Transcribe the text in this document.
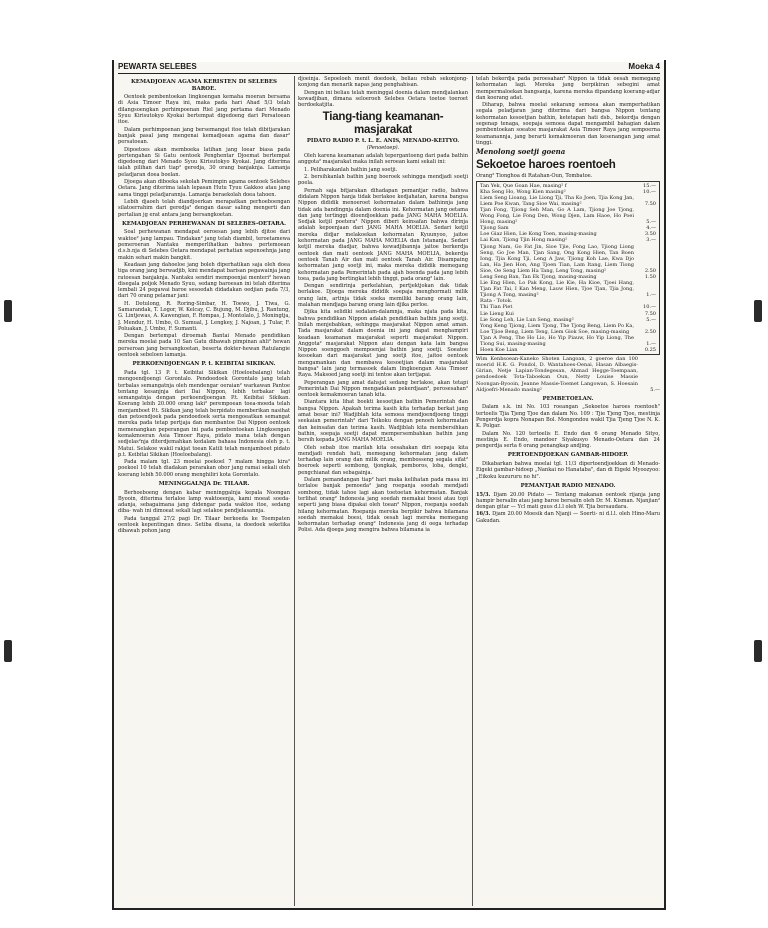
PEWARTA SELEBES	Moeka 4
KEMADJOEAN AGAMA KERISTEN DI SELEBES BAROE.

Oentoek pembentoekan lingkoengan kemaha moeran bersama di Asia Timoer Raya ini, maka pada hari Ahad 5/3 telah dilangsoengkan perhimpoenan Riel jang pertama dari Menado Syuu Kirisutokyo Kyokai bertempat digedoeng dari Persatoean itoe.

Dalam perhimpoenan jang bersemangat itoe telah dibitjarakan banjak pasal jang mengenai kemadjoean agama dan dasar² persatoean.

Dipoetoes akan memboeka latihan jang loear biasa pada pertengahan Si Gatu oentoek Penghentar Djoemat bertempat digedoeng dari Menado Syuu Kirisutokyo Kyokai. Jang diterima ialah pilihan dari tiap² geredja, 30 orang banjaknja. Lamanja peladjaran doea boelan.

Djoega akan diboeka sekolah Pemimpin agama oentoek Selebes Oetara. Jang diterima ialah lepasan Hutu Tyuu Gakkoo atau jang sama tinggi peladjarannja. Lamanja beraekolah doea tahoen.

Lebih djaoeh telah diandjoerkan merapatkan perhoeboengan silatoerrahim dari geredja² dengan dasar saling mengerti dan pertalian jg erat antara jang bersangkoetan.

KEMADJOEAN PERHEWANAN DI SELEBES-OETARA.

Soal perhewanan mendapat oeroesan jang lebih djitoe dari waktoe² jang lampau. Tindakan² jang telah diambil, teroetamewa pemeroeran Nantaku memperlihatkan bahwa pertemoean d.s.b.nja di Selebes Oetara mendapat perhatian sepenoehnja jang makin sehari makin bangkit.

Keadaan jang dahoeloe jang boleh diperhatikan saja oleh doea tiga orang jang berwadjib, kini mendapat barisan pegawainja jang ratoesan banjaknja. Nantaku sendiri mempoenjai menteri² hewan disegala poljok Menado Syuu, sedang baroesan ini telah diterima lembali 24 pegawai baroe sesoedah didadakan oedjian pada 7/3, dari 70 orang pelamar jani:

H. Dotulong, R. Roring-Simbar, H. Toewo, J. Tiwa, G. Samarandak, T. Logor, W. Kelcay, C. Bujung, M. Djibu, J. Rantung, G. Lintjewas, A. Kawengian, F. Rompas, J. Montolalo, J. Moningtja, J. Mendur, H. Umbo, O. Sumual, J. Lengkey, J. Najoan, J. Tular, F. Poluakan, J. Umbo, F. Sumanti.

Dengan bertempat diroemah Bantai Menado pendidikan mereka moelai pada 10 San Gatu dibawah pimpinan ahli² hewan perseroan jang bersangkoetan, beserta dokter-hewan Ratulangie oentoek sebeloen lamanja.

PERKOENDJOENGAN P. t. KEIBITAI SIKIKAN.

Pada tgl. 13 P. t. Keibitai Sikikan (Hoeloebalang) telah mengoendjoengi Gorontalo. Pendoedoek Gorontalo jang telah terbalas semangatnja oleh mendengar oeraian² warkawan Pantoe tentang kesanjnja dari Dai Nippon, lebih terbakar lagi semangatnja dengan perkoendjoengan P.t. Keibitai Sikikan. Koerang lebih 20.000 orang laki² perempoean toea-moeda telah menjamboet P.t. Sikikan jang telah berpidato memberikan nasihat dan petoendjoek pada pendoedoek serta mengoeatkan semangat mereka pada tetap pertjaja dan membantoe Dai Nippon oentoek memenangkan peperangan ini pada pembentoekan Lingkoengan kemakmoeran Asia Timoer Raya, pidato mana telah dengan sedjelas²nja diterdjemahkan kedalam bahasa Indonesia oleh p. t. Matui. Selakoe wakil rakjat toean Katili telah menjamboet pidato p.t. Keibitai Sikikan (Hoeloebalang).

Pada malam tgl. 23 moelai poekoel 7 malam hingga kira² poekoel 10 telah diadakan perarakan obor jang ramai sekali oleh koerang lebih 50.000 orang menghiliri kota Gorontalo.

MENINGGALNJA Dr. TILAAR.

Berhoeboeng dengan kabar meninggalnja kepala Noongan Byooin, diterima terlaloe lamp waktoeenja, kami moeat soeda-adanja, sebagaimana jang didengar pada waktoe itoe, sedang diba- wah ini dimoeat sekali lagi selakoe pendjelasannja.

Pada tanggal 27/2 pagi Dr. Tilaar berkoeda ke Toempaten oentoek kepentingan dines. Setiba disana, ia doedoek seketika dibawah pohon jang

djoeinja. Sepoeloeh menit doedoek, beliau rebah sekonjong-konjong dan menarik napas jang penghabisan.

Dengan ini beliau telah meninggal doenia dalam mendjalankan kewadjiban, dimana seloeroeh Selebes Oetara toetoe toeroet berdoekatjita.

Tiang-tiang keamanan-masjarakat
PIDATO RADIO P. t. L. E. ANIS, MENADO-KEITYO.
(Penoetoep).

Oleh karena keamanan adalah tepergantoeng dari pada bathin anggota² masjarakat maka inilah seroean kami sekali ini:

1. Peliharakanlah bathin jang soetji.

2. bersihkanlah bathin jang boeroek sehingga mendjadi soetji poela.

Pernah saja bitjarakan dihadapan pemantjar radio, bahwa didalam Nippon hanja tidak berlakoe kedjahatan, karena bangsa Nippon dididik menoeroet kehormatan dalam bathinnja jang tidak ada bandingnja dalam doenia ini. Kehormatan jang oetama dan jang tertinggi dioendjoekkan pada JANG MAHA MOELIA. Sedjak ketjil poetera² Nippon diberi keinsafan bahwa dirinja adalah kepoenjaan dari JANG MAHA MOELIA. Sedari ketjil mereka didjar melakoekan kehormatan Kyuunyoo, jaitoe kehormatan pada JANG MAHA MOELIA dan Istananja. Sedari ketjil mereka diadjar, bahwa kewadjibannja jaitoe berkerdja oentoek dan mati oentoek JANG MAHA MOELIA, bekerdja oentoek Tanah Air dan mati oentoek Tanah Air. Disampaing kehormatan jang soetji ini, maka mereka dididik memegang kehormatan pada Pemerintah pada ajah boenda pada jang lebih toea, pada jang bertingkat lebih tinggi, pada orang² lain.

Dengan sendirinja perkelahian, pertjektjokan dak tidak berlakoe. Djoega mereka dididik soepaja menghormati milik orang lain, artinja tidak soeka memiliki barang orang lain, malahan mendjaga barang orang lain djika perloe.

Djika kita selidiki sedalam-dalamnja, maka njata pada kita, bahwa pendidikan Nippon adalah pendidikan bathin jang soetji. Inilah menjebabkan, sehingga masjarakat Nippon amat aman. Tada masjarakat dalam doenia ini jang dapat menghampiri keadaan keamanan masjarakat seperti masjarakat Nippon. Anggota² masjarakat Nippon atau dengan kata lain bangsa Nippon soenggoeh mempoenjai bathin jang soetji. Soeatoe kesoekan dari masjarakat jang soetji itoe, jaitoe oentoek mengamankan dan membawa kesoetjian dalam masjarakat bangsa² lain jang termasoek dalam lingkoengan Asia Timoer Raya. Maksoed jang soetji ini tentoe akan tertjapai.

Peperangan jang amat dahsjat sedang berlakoe, akan tetapi Pemerintah Dai Nippon mengadakan pekerdjaan², perosesahan² oentoek kemakmoeran tanah kita.

Diantara kita lihat boekti kesoetjian bathin Pemerintah dan bangsa Nippon. Apakah terima kasih kita terhadap berkat jang amat besar ini? Wadjiblah kita semoea mendjoendjoeng tinggi seekaian pemerintah² dari Teikoku dengan penoeh kehormatan dan keinsafan dan terima kasih. Wadjiblah kita membersihkan bathin, soepaja soetji dapat mempersembahkan bathin jang bersih kepada JANG MAHA MOELIA.

Oleh sebab itoe marilah kita oesahakan diri soepaja kita mendjadi rendah hati, memegang kehormatan jang dalam terhadap lain orang dan milik orang, membosseng segala sifat² boeroek seperti sombong, tjongkak, pemboros, loba, dengki, pengchianat dan sebagainja.

Dalam pemandangan tiap² hari maka kelihatan pada masa ini terlaloe banjak pemoeda² jang roepanja soedah mendjadi sombong, tidak tahoe lagi akan toetoetan kehormatan. Banjak terlihat orang² Indonesia jang soedah memakai boesi atau topi seperti jang biasa dipakai oleh toean² Nippon, roepanja soedah hilang kehormatan. Roepanja mereka berpikir bahwa bilamana soedah memakai boesi, tidak oesah lagi mereka memegang kehormatan terhadap orang² Indonesia jang di oega terhadap Polisi. Ada djoega jang mengira bahwa bilamana ia

telah bekerdja pada peroesahan² Nippon ia tidak oesah memegang kehormatan lagi. Mereka jang berpikiran sebegini amat mempermaloekan bangsanja, karena mereka dipandang koerang-adjar dan koerang adat.

Diharap, bahwa moelai sekarang semoea akan memperhatikan segala peladjaran jang diterima dari bangsa Nippon tentang kehormatan kesoetjian bathin, ketetapan hati dsb., bekerdja dengan segenap tenaga, soepaja semoea dapat mengambil bahagian dalam pembentoekan soeatoe masjarakat Asia Timoer Raya jang sempoerna keamanannja, jang berarti kemakmoeran dan kesenangan jang amat tinggi.

Menolong soetji goena
Sekoetoe haroes roentoeh

Orang² Tionghoa di Ratahan-Oun, Tombatoe.

Tan Yek, Que Goan Hae, masing² f	15.—
Kha Seng Ho, Wong Kien masing²	10.—
Liem Seng Lioang, Lie Liong Tji, Tha Ko Joen, Tjia Kong Jan, Liem Poe Kwan, Tang Sioe Wai, masing²	7.50
Tjan Fong, Tjiong Seh Man, Go A Lam, Tjiong Joe Tjong, Wong Fong, Lie Fong Den, Wong Djen, Lam Haoe, Ho Poei Hong, masing²	5.—
Tjiong Sam	4.—
Loe Giaz Hien, Lie Kong Toen, masing-masing	3.50
Lai Kan, Tjiong Tjin Hong masing²	3.—
Tjiong Nam, Go Fat Jin, Sioe Tjie, Fong Lao, Tjiong Liong Seng, Go Joe Man, Tjan Sang, Ong Kong Hien, Tan Boen Iong, Tjia Kong Tji, Leng A Jaw, Tjiong Koh Lae, Kwa Djo Lan, Ha Jien Hon, Ang Tjoen Tian, Lam Itang, Liem Tiong Sioe, Oe Seng Liem Ha Tang, Leng Tong, masing²	2.50
Leng Seng Ban, Tan Ek Tjong, masing-masing	1.50
Lie Eng Hien, Lo Pak Kong, Lie Kie, Ha Kioe, Tjoei Hang, Tjan Fat Tai, I Kan Meng, Lauw Hien, Tjoe Tjan, Tjia Jong, Tjiong A Tong, masing²	1.—
Rata - Totok.	
Thi Tian Piet	10.—
Lie Lieng Kui	7.50
Lie Song Leh, Lie Lun Seng, masing²	5.—
Yong Keng Tjiong, Liem Tjong, The Tjong Beng, Liem Po Ka, Loe Tjioe Beng, Liem Teng, Liem Giok Soe, masing-masing	2.50
Tjan A Peng, The Ho Lio, Ho Yip Piauw, Ho Yip Liong, The Tiong Sui, masing-masing	1.—
Hoen Koe Lian	0.25
Wim Kenbsoean-Kaneko Shoten Langoan, 2 goeroe dan 100 moerid H.K. G. Pondol, D. Wantahoes-Oenai, Hasan Albaegis-Girian, Netje Lapian-Tondegesan, Ahmad Hegge-Toempaan, pendoedoek Tota-Taboekan Oun, Netty Louise Massie Noongan-Byooin, Jeanne Massie-Toemet Langowan, S. Hoesain Aldjoefri-Menado masing²	5.—
PEMBETOELAN.

Dalam s.k. ini No. 103 roeangan „Sekoetoe haroes roentoeh" tertoelis Tjia Tjeng Tjoe dan dalam No. 109 : Tjie Tjeng Tjoe, mestinja Pengerdja kopra Nonapan Bol. Mongondou wakil Tjia Tjeng Tjoe N. K. K. Polgar.

Dalam No. 120 tertoelis E. Endo dan 6 orang Menado Sityo, mestinja E. Endo, mandoer Siyakusyo Menado-Oetara dan 24 pengerdja serta 6 orang penangkap andjing.

PERTOENDJOEKAN GAMBAR-HIDOEP.

Dikabarkan bahwa moelai tgl. 11/3 dipertoendjoekkan di Menado-Eigeki gambar-hidoep „Nankai no Hanataba", dan di Eigeki Myoozyoo: „Eikoku kuzururu no hi".

PEMANTJAR RADIO MENADO.
15/3. Djam 20.00 Pidato — Tentang makanan oentoek rijanja jang hampir bersalin atau jang baroe bersalin oleh Dr. M. Kisman. Njanjian² dengan gitar — Ycl mati guus d.l.l oleh W. Tjia bersaudara.
16/3. Djam 20.00 Moesik dan Njanji — Soerti- ni d.l.l. oleh Hino-Maru Gakudan.
